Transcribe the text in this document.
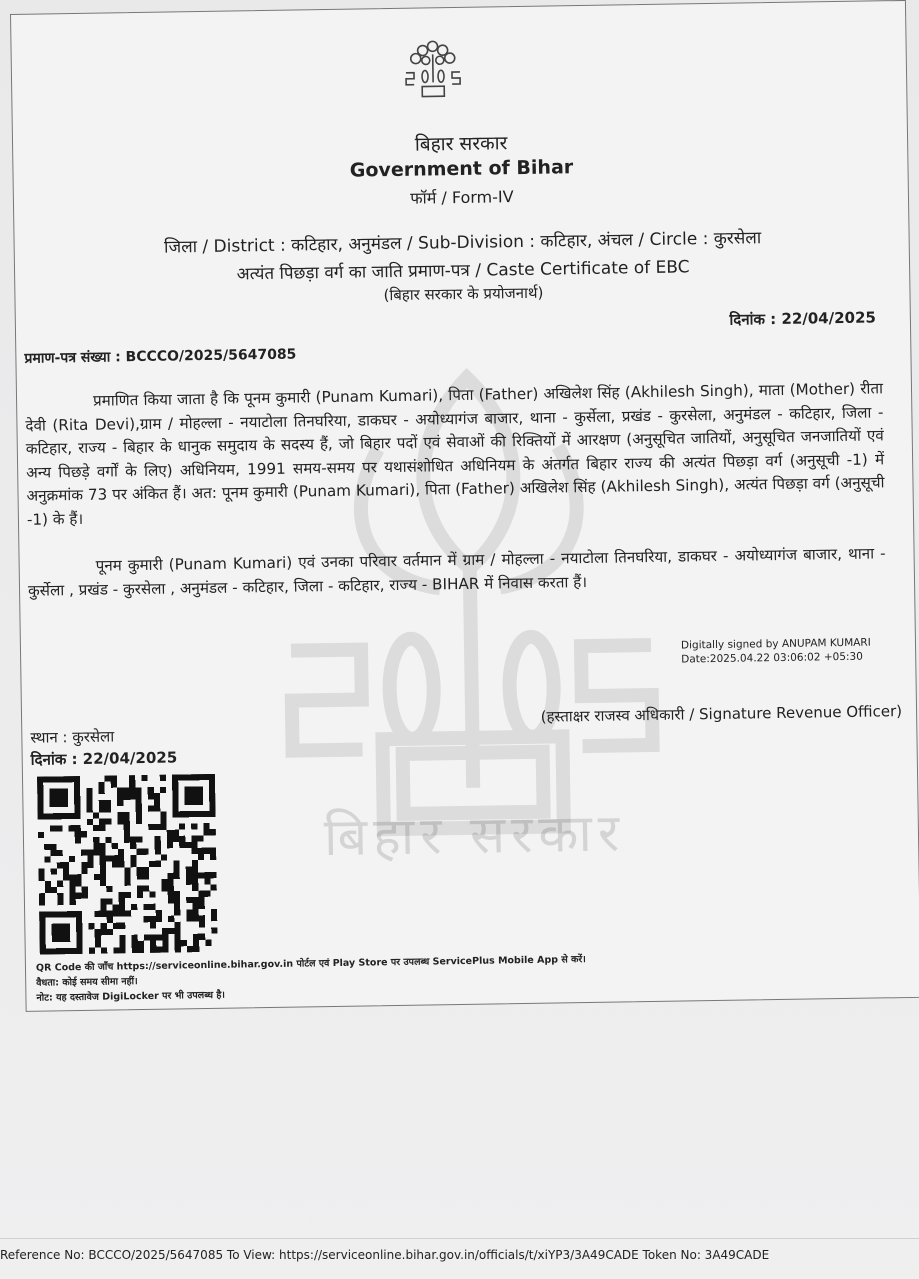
बिहार सरकार
बिहार सरकार
Government of Bihar
फॉर्म / Form-IV
जिला / District : कटिहार, अनुमंडल / Sub-Division : कटिहार, अंचल / Circle : कुरसेला
अत्यंत पिछड़ा वर्ग का जाति प्रमाण-पत्र / Caste Certificate of EBC
(बिहार सरकार के प्रयोजनार्थ)
दिनांक : 22/04/2025
प्रमाण-पत्र संख्या : BCCCO/2025/5647085
प्रमाणित किया जाता है कि पूनम कुमारी (Punam Kumari), पिता (Father) अखिलेश सिंह (Akhilesh Singh), माता (Mother) रीता देवी (Rita Devi),ग्राम / मोहल्ला - नयाटोला तिनघरिया, डाकघर - अयोध्यागंज बाजार, थाना - कुर्सेला, प्रखंड - कुरसेला, अनुमंडल - कटिहार, जिला - कटिहार, राज्य - बिहार के धानुक समुदाय के सदस्य हैं, जो बिहार पदों एवं सेवाओं की रिक्तियों में आरक्षण (अनुसूचित जातियों, अनुसूचित जनजातियों एवं अन्य पिछड़े वर्गों के लिए) अधिनियम, 1991 समय-समय पर यथासंशोधित अधिनियम के अंतर्गत बिहार राज्य की अत्यंत पिछड़ा वर्ग (अनुसूची -1) में अनुक्रमांक 73 पर अंकित हैं। अत: पूनम कुमारी (Punam Kumari), पिता (Father) अखिलेश सिंह (Akhilesh Singh), अत्यंत पिछड़ा वर्ग (अनुसूची -1) के हैं।
पूनम कुमारी (Punam Kumari) एवं उनका परिवार वर्तमान में ग्राम / मोहल्ला - नयाटोला तिनघरिया, डाकघर - अयोध्यागंज बाजार, थाना - कुर्सेला , प्रखंड - कुरसेला , अनुमंडल - कटिहार, जिला - कटिहार, राज्य - BIHAR में निवास करता हैं।
Digitally signed by ANUPAM KUMARI
Date:2025.04.22 03:06:02 +05:30
(हस्ताक्षर राजस्व अधिकारी / Signature Revenue Officer)
स्थान : कुरसेला
दिनांक : 22/04/2025
QR Code की जाँच https://serviceonline.bihar.gov.in पोर्टल एवं Play Store पर उपलब्ध ServicePlus Mobile App से करें।
वैधता: कोई समय सीमा नहीं।
नोट: यह दस्तावेज DigiLocker पर भी उपलब्ध है।
Reference No: BCCCO/2025/5647085 To View: https://serviceonline.bihar.gov.in/officials/t/xiYP3/3A49CADE Token No: 3A49CADE
